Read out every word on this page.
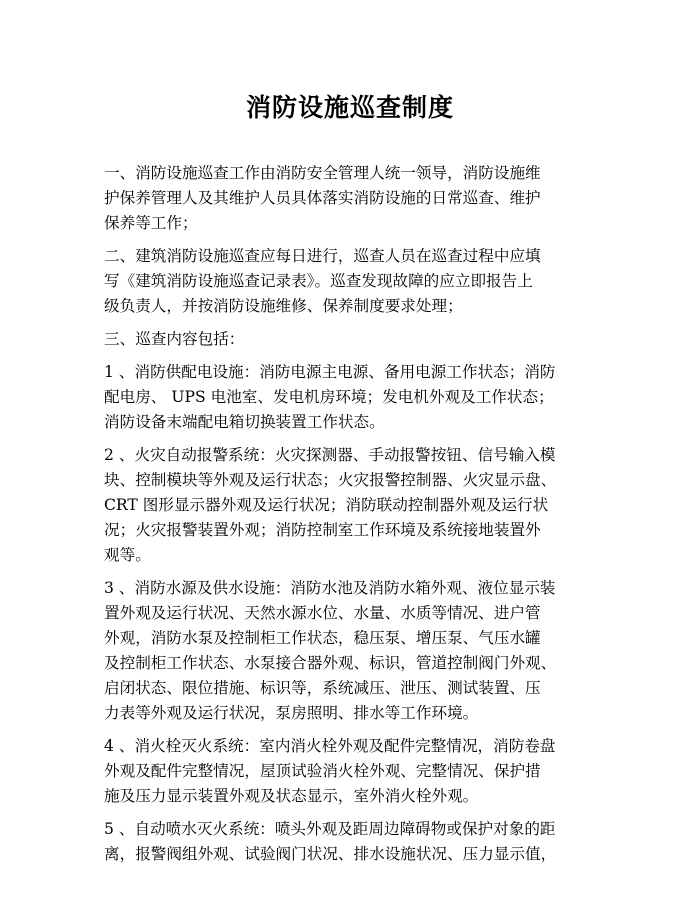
消防设施巡查制度

一、消防设施巡查工作由消防安全管理人统一领导，消防设施维
护保养管理人及其维护人员具体落实消防设施的日常巡查、维护
保养等工作；

二、建筑消防设施巡查应每日进行，巡查人员在巡查过程中应填
写《建筑消防设施巡查记录表》。巡查发现故障的应立即报告上
级负责人，并按消防设施维修、保养制度要求处理；

三、巡查内容包括：

1 、消防供配电设施：消防电源主电源、备用电源工作状态；消防
配电房、 UPS 电池室、发电机房环境；发电机外观及工作状态；
消防设备末端配电箱切换装置工作状态。

2 、火灾自动报警系统：火灾探测器、手动报警按钮、信号输入模
块、控制模块等外观及运行状态；火灾报警控制器、火灾显示盘、
CRT 图形显示器外观及运行状况；消防联动控制器外观及运行状
况；火灾报警装置外观；消防控制室工作环境及系统接地装置外
观等。

3 、消防水源及供水设施：消防水池及消防水箱外观、液位显示装
置外观及运行状况、天然水源水位、水量、水质等情况、进户管
外观，消防水泵及控制柜工作状态，稳压泵、增压泵、气压水罐
及控制柜工作状态、水泵接合器外观、标识，管道控制阀门外观、
启闭状态、限位措施、标识等，系统减压、泄压、测试装置、压
力表等外观及运行状况，泵房照明、排水等工作环境。

4 、消火栓灭火系统：室内消火栓外观及配件完整情况，消防卷盘
外观及配件完整情况，屋顶试验消火栓外观、完整情况、保护措
施及压力显示装置外观及状态显示，室外消火栓外观。

5 、自动喷水灭火系统：喷头外观及距周边障碍物或保护对象的距
离，报警阀组外观、试验阀门状况、排水设施状况、压力显示值，
